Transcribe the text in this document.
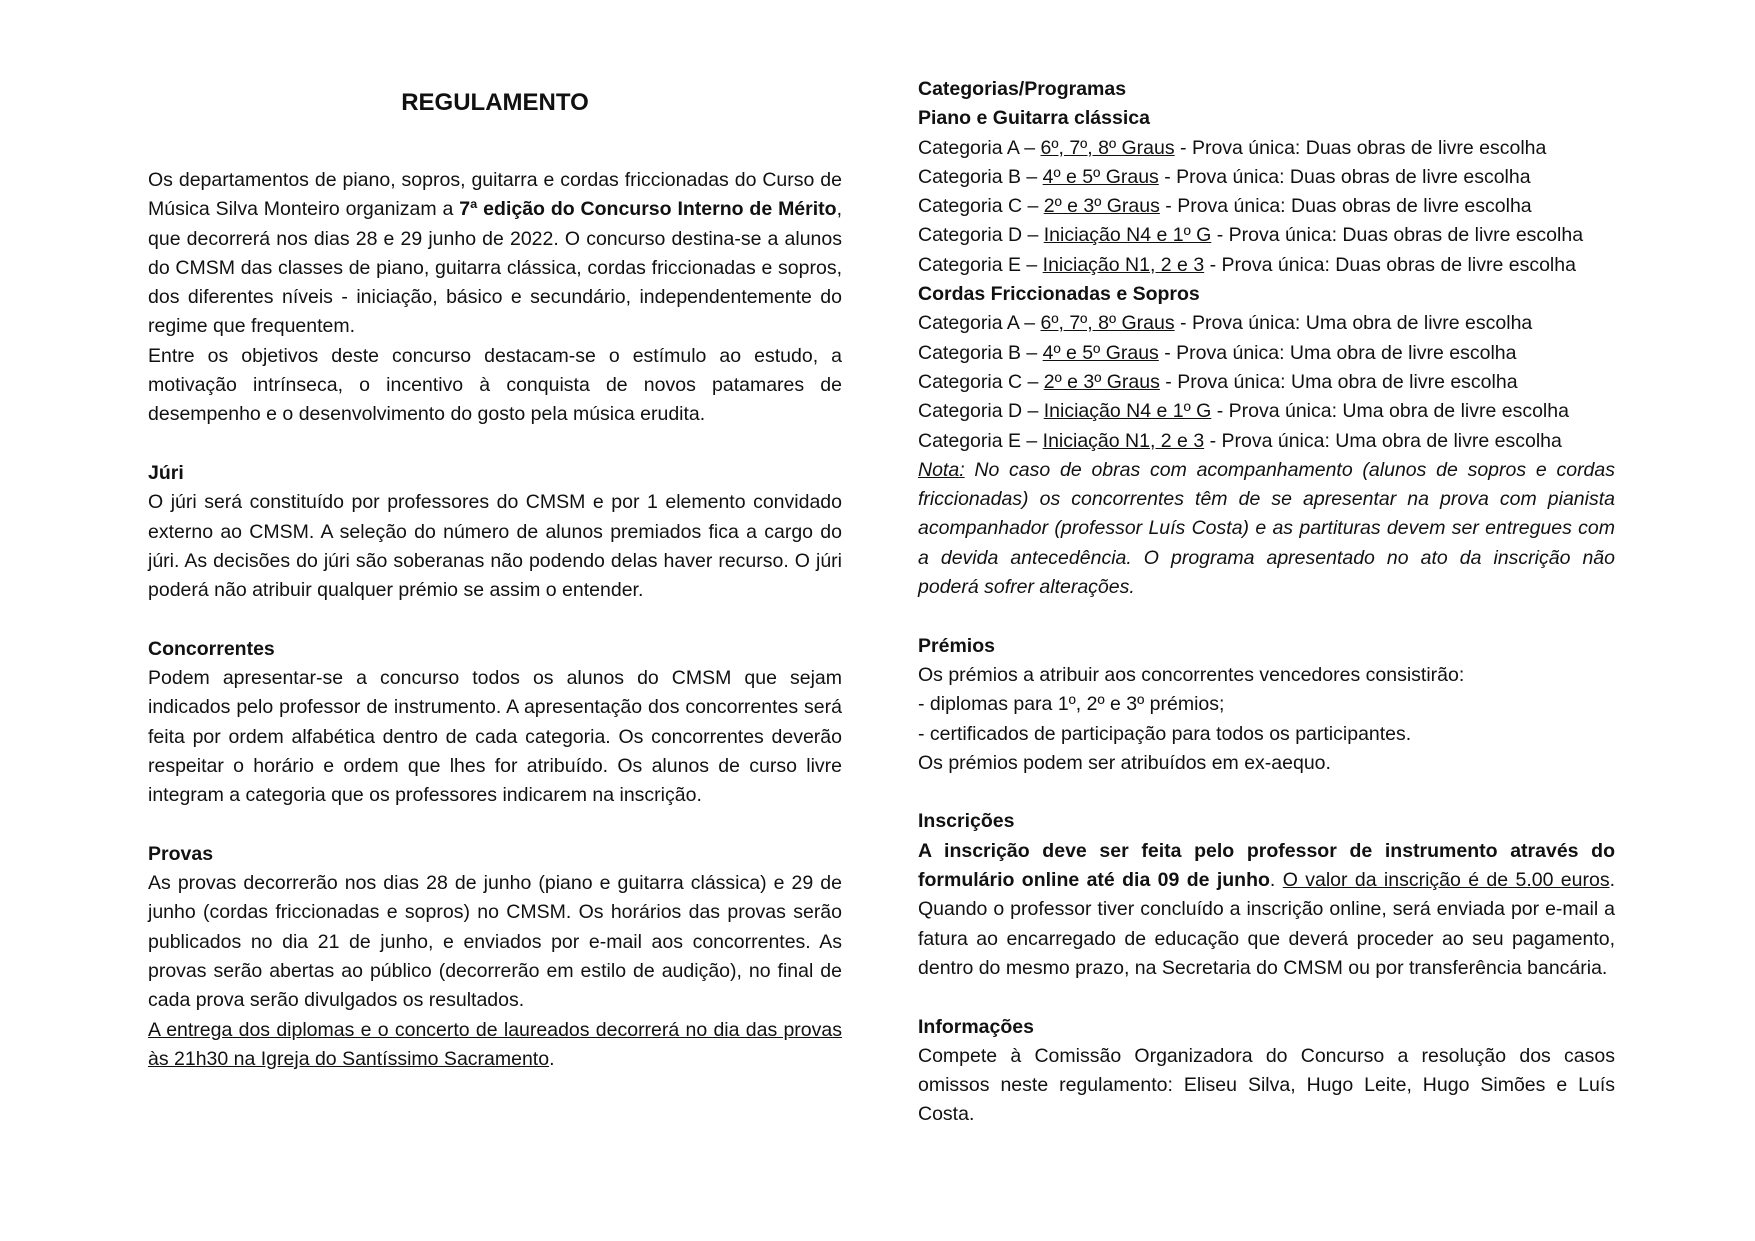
REGULAMENTO

Os departamentos de piano, sopros, guitarra e cordas friccionadas do Curso de Música Silva Monteiro organizam a 7ª edição do Concurso Interno de Mérito, que decorrerá nos dias 28 e 29 junho de 2022. O concurso destina-se a alunos do CMSM das classes de piano, guitarra clássica, cordas friccionadas e sopros, dos diferentes níveis - iniciação, básico e secundário, independentemente do regime que frequentem.

Entre os objetivos deste concurso destacam-se o estímulo ao estudo, a motivação intrínseca, o incentivo à conquista de novos patamares de desempenho e o desenvolvimento do gosto pela música erudita.

Júri

O júri será constituído por professores do CMSM e por 1 elemento convidado externo ao CMSM. A seleção do número de alunos premiados fica a cargo do júri. As decisões do júri são soberanas não podendo delas haver recurso. O júri poderá não atribuir qualquer prémio se assim o entender.

Concorrentes

Podem apresentar-se a concurso todos os alunos do CMSM que sejam indicados pelo professor de instrumento. A apresentação dos concorrentes será feita por ordem alfabética dentro de cada categoria. Os concorrentes deverão respeitar o horário e ordem que lhes for atribuído. Os alunos de curso livre integram a categoria que os professores indicarem na inscrição.

Provas

As provas decorrerão nos dias 28 de junho (piano e guitarra clássica) e 29 de junho (cordas friccionadas e sopros) no CMSM. Os horários das provas serão publicados no dia 21 de junho, e enviados por e-mail aos concorrentes. As provas serão abertas ao público (decorrerão em estilo de audição), no final de cada prova serão divulgados os resultados.

A entrega dos diplomas e o concerto de laureados decorrerá no dia das provas às 21h30 na Igreja do Santíssimo Sacramento.

Categorias/Programas

Piano e Guitarra clássica

Categoria A – 6º, 7º, 8º Graus - Prova única: Duas obras de livre escolha

Categoria B – 4º e 5º Graus - Prova única: Duas obras de livre escolha

Categoria C – 2º e 3º Graus - Prova única: Duas obras de livre escolha

Categoria D – Iniciação N4 e 1º G - Prova única: Duas obras de livre escolha

Categoria E – Iniciação N1, 2 e 3 - Prova única: Duas obras de livre escolha

Cordas Friccionadas e Sopros

Categoria A – 6º, 7º, 8º Graus - Prova única: Uma obra de livre escolha

Categoria B – 4º e 5º Graus - Prova única: Uma obra de livre escolha

Categoria C – 2º e 3º Graus - Prova única: Uma obra de livre escolha

Categoria D – Iniciação N4 e 1º G - Prova única: Uma obra de livre escolha

Categoria E – Iniciação N1, 2 e 3 - Prova única: Uma obra de livre escolha

Nota: No caso de obras com acompanhamento (alunos de sopros e cordas friccionadas) os concorrentes têm de se apresentar na prova com pianista acompanhador (professor Luís Costa) e as partituras devem ser entregues com a devida antecedência. O programa apresentado no ato da inscrição não poderá sofrer alterações.

Prémios

Os prémios a atribuir aos concorrentes vencedores consistirão:

- diplomas para 1º, 2º e 3º prémios;

- certificados de participação para todos os participantes.

Os prémios podem ser atribuídos em ex-aequo.

Inscrições

A inscrição deve ser feita pelo professor de instrumento através do formulário online até dia 09 de junho. O valor da inscrição é de 5.00 euros. Quando o professor tiver concluído a inscrição online, será enviada por e-mail a fatura ao encarregado de educação que deverá proceder ao seu pagamento, dentro do mesmo prazo, na Secretaria do CMSM ou por transferência bancária.

Informações

Compete à Comissão Organizadora do Concurso a resolução dos casos omissos neste regulamento: Eliseu Silva, Hugo Leite, Hugo Simões e Luís Costa.
